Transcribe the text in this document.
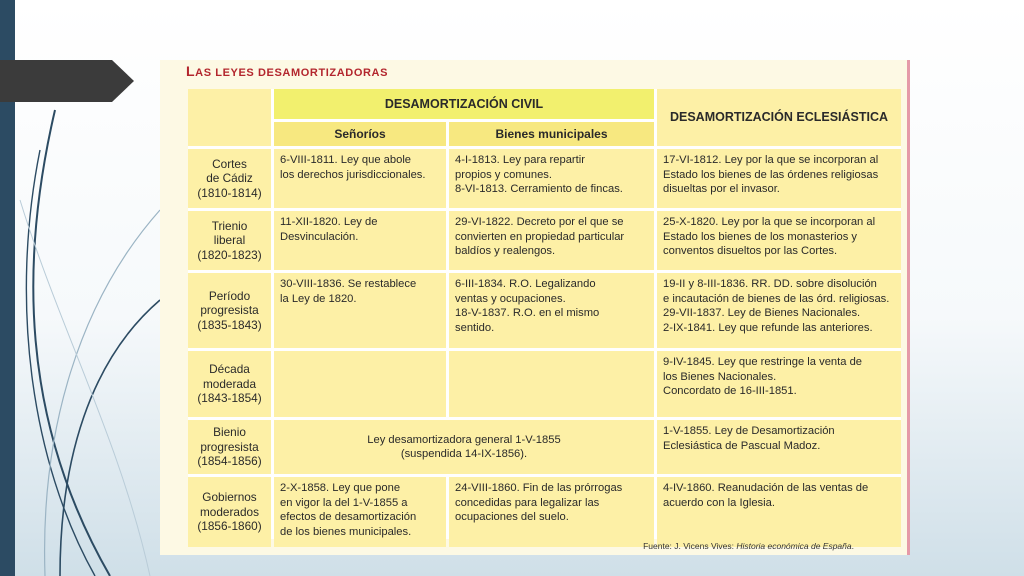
LAS LEYES DESAMORTIZADORAS
DESAMORTIZACIÓN CIVIL
DESAMORTIZACIÓN ECLESIÁSTICA
Señoríos	Bienes municipales
Cortes
de Cádiz
(1810-1814)
6-VIII-1811. Ley que abole
los derechos jurisdiccionales.
4-I-1813. Ley para repartir
propios y comunes.
8-VI-1813. Cerramiento de fincas.
17-VI-1812. Ley por la que se incorporan al
Estado los bienes de las órdenes religiosas
disueltas por el invasor.
Trienio
liberal
(1820-1823)
11-XII-1820. Ley de
Desvinculación.
29-VI-1822. Decreto por el que se
convierten en propiedad particular
baldíos y realengos.
25-X-1820. Ley por la que se incorporan al
Estado los bienes de los monasterios y
conventos disueltos por las Cortes.
Período
progresista
(1835-1843)
30-VIII-1836. Se restablece
la Ley de 1820.
6-III-1834. R.O. Legalizando
ventas y ocupaciones.
18-V-1837. R.O. en el mismo
sentido.
19-II y 8-III-1836. RR. DD. sobre disolución
e incautación de bienes de las órd. religiosas.
29-VII-1837. Ley de Bienes Nacionales.
2-IX-1841. Ley que refunde las anteriores.
Década
moderada
(1843-1854)
9-IV-1845. Ley que restringe la venta de
los Bienes Nacionales.
Concordato de 16-III-1851.
Bienio
progresista
(1854-1856)
Ley desamortizadora general 1-V-1855
(suspendida 14-IX-1856).
1-V-1855. Ley de Desamortización
Eclesiástica de Pascual Madoz.
Gobiernos
moderados
(1856-1860)
2-X-1858. Ley que pone
en vigor la del 1-V-1855 a
efectos de desamortización
de los bienes municipales.
24-VIII-1860. Fin de las prórrogas
concedidas para legalizar las
ocupaciones del suelo.
4-IV-1860. Reanudación de las ventas de
acuerdo con la Iglesia.
Fuente: J. Vicens Vives: Historia económica de España.
